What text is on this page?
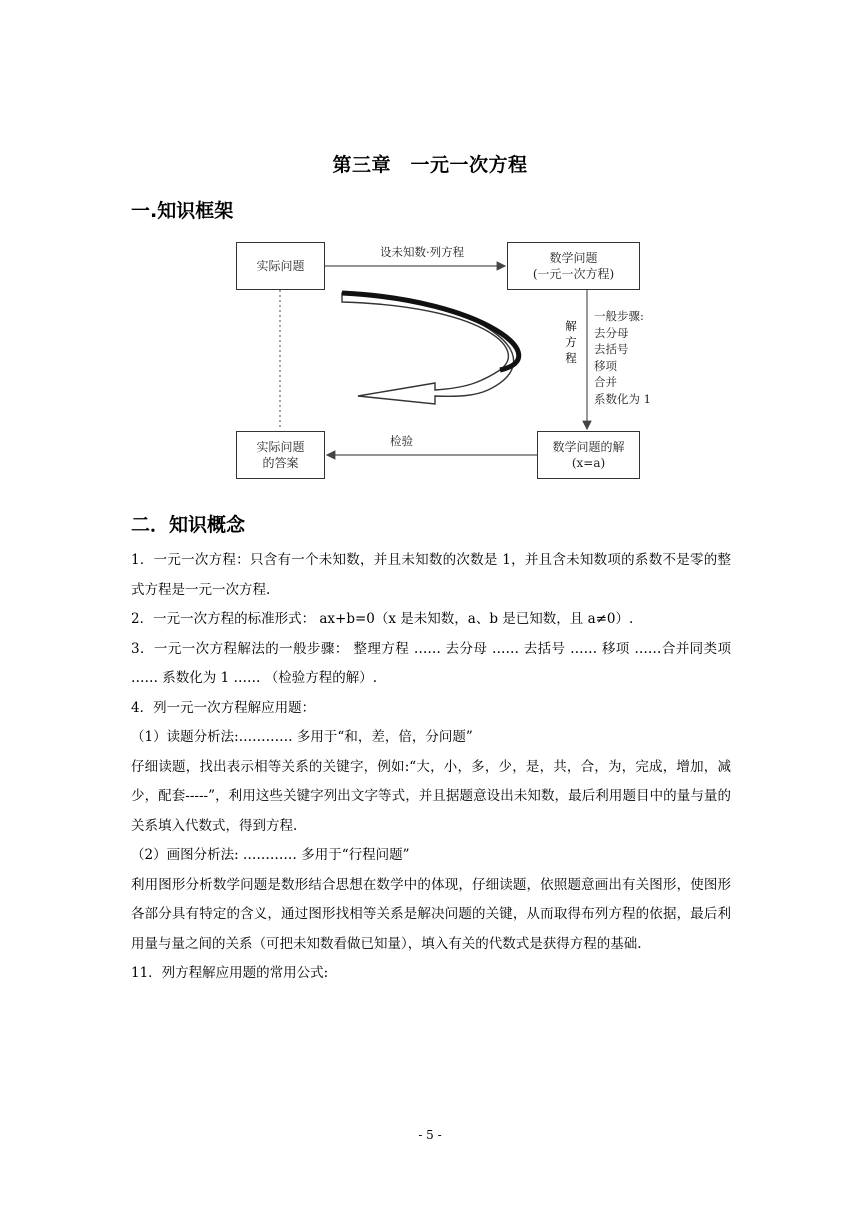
第三章　一元一次方程
一.知识框架
实际问题
数学问题
(一元一次方程)
实际问题
的答案
数学问题的解
(x=a)
设未知数·列方程
检验
解方程
一般步骤:
去分母
去括号
移项
合并
系数化为 1
二．知识概念

1．一元一次方程：只含有一个未知数，并且未知数的次数是 1，并且含未知数项的系数不是零的整式方程是一元一次方程.

2．一元一次方程的标准形式： ax+b=0（x 是未知数，a、b 是已知数，且 a≠0）.

3．一元一次方程解法的一般步骤： 整理方程 …… 去分母 …… 去括号 …… 移项 ……合并同类项 …… 系数化为 1 …… （检验方程的解）.

4．列一元一次方程解应用题：

（1）读题分析法:………… 多用于“和，差，倍，分问题”

仔细读题，找出表示相等关系的关键字，例如:“大，小，多，少，是，共，合，为，完成，增加，减少，配套-----”，利用这些关键字列出文字等式，并且据题意设出未知数，最后利用题目中的量与量的关系填入代数式，得到方程.

（2）画图分析法: ………… 多用于“行程问题”

利用图形分析数学问题是数形结合思想在数学中的体现，仔细读题，依照题意画出有关图形，使图形各部分具有特定的含义，通过图形找相等关系是解决问题的关键，从而取得布列方程的依据，最后利用量与量之间的关系（可把未知数看做已知量），填入有关的代数式是获得方程的基础.

11．列方程解应用题的常用公式:

- 5 -
